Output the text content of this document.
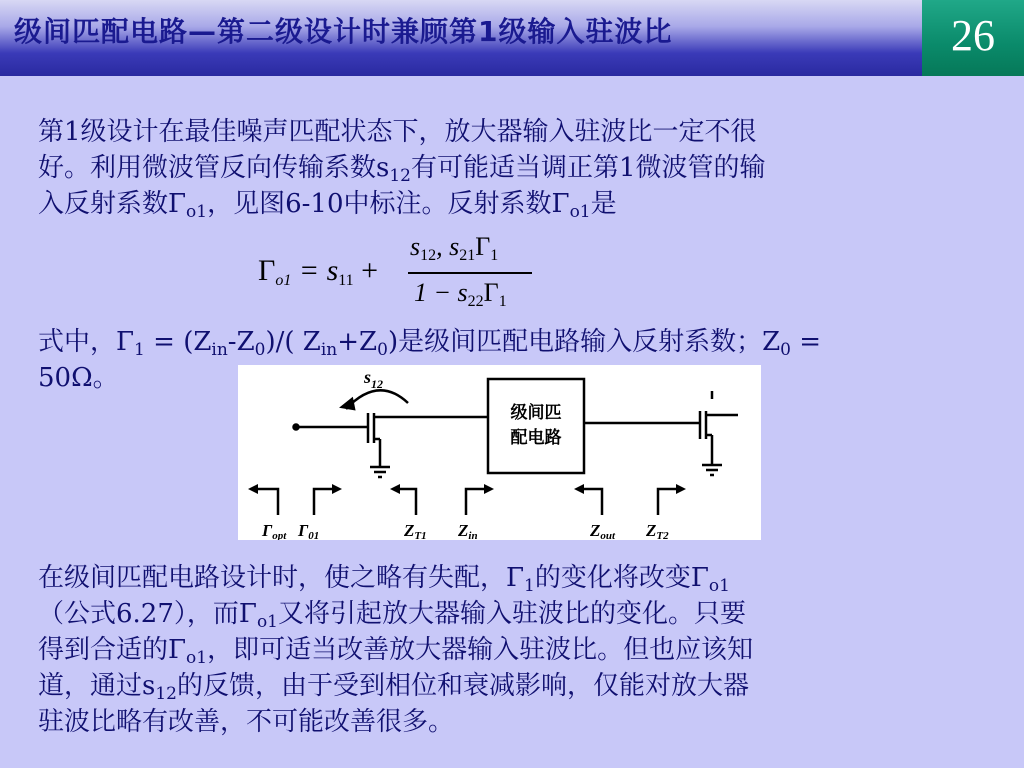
级间匹配电路—第二级设计时兼顾第1级输入驻波比	26
第1级设计在最佳噪声匹配状态下，放大器输入驻波比一定不很
好。利用微波管反向传输系数$s_{12}$有可能适当调正第1微波管的输
入反射系数$\Gamma_{o1}$，见图6-10中标注。反射系数$\Gamma_{o1}$是
$\Gamma_{o1} = s_{11}$ +
$s_{12}$, $s_{21}\Gamma_1$
$1 - s_{22}\Gamma_1$
式中，$\Gamma_1 = (Z_{in}-Z_0)/$( $Z_{in}+Z_0$)是级间匹配电路输入反射系数；$Z_0$ =
50Ω。	$s_{12}$
级间匹
配电路
Γopt Γ01	ZT1 Zin	Zout ZT2
在级间匹配电路设计时，使之略有失配，$\Gamma_1$的变化将改变$\Gamma_{o1}$
（公式6.27），而$\Gamma_{o1}$又将引起放大器输入驻波比的变化。只要
得到合适的$\Gamma_{o1}$，即可适当改善放大器输入驻波比。但也应该知
道，通过$s_{12}$的反馈，由于受到相位和衰减影响，仅能对放大器
驻波比略有改善，不可能改善很多。
